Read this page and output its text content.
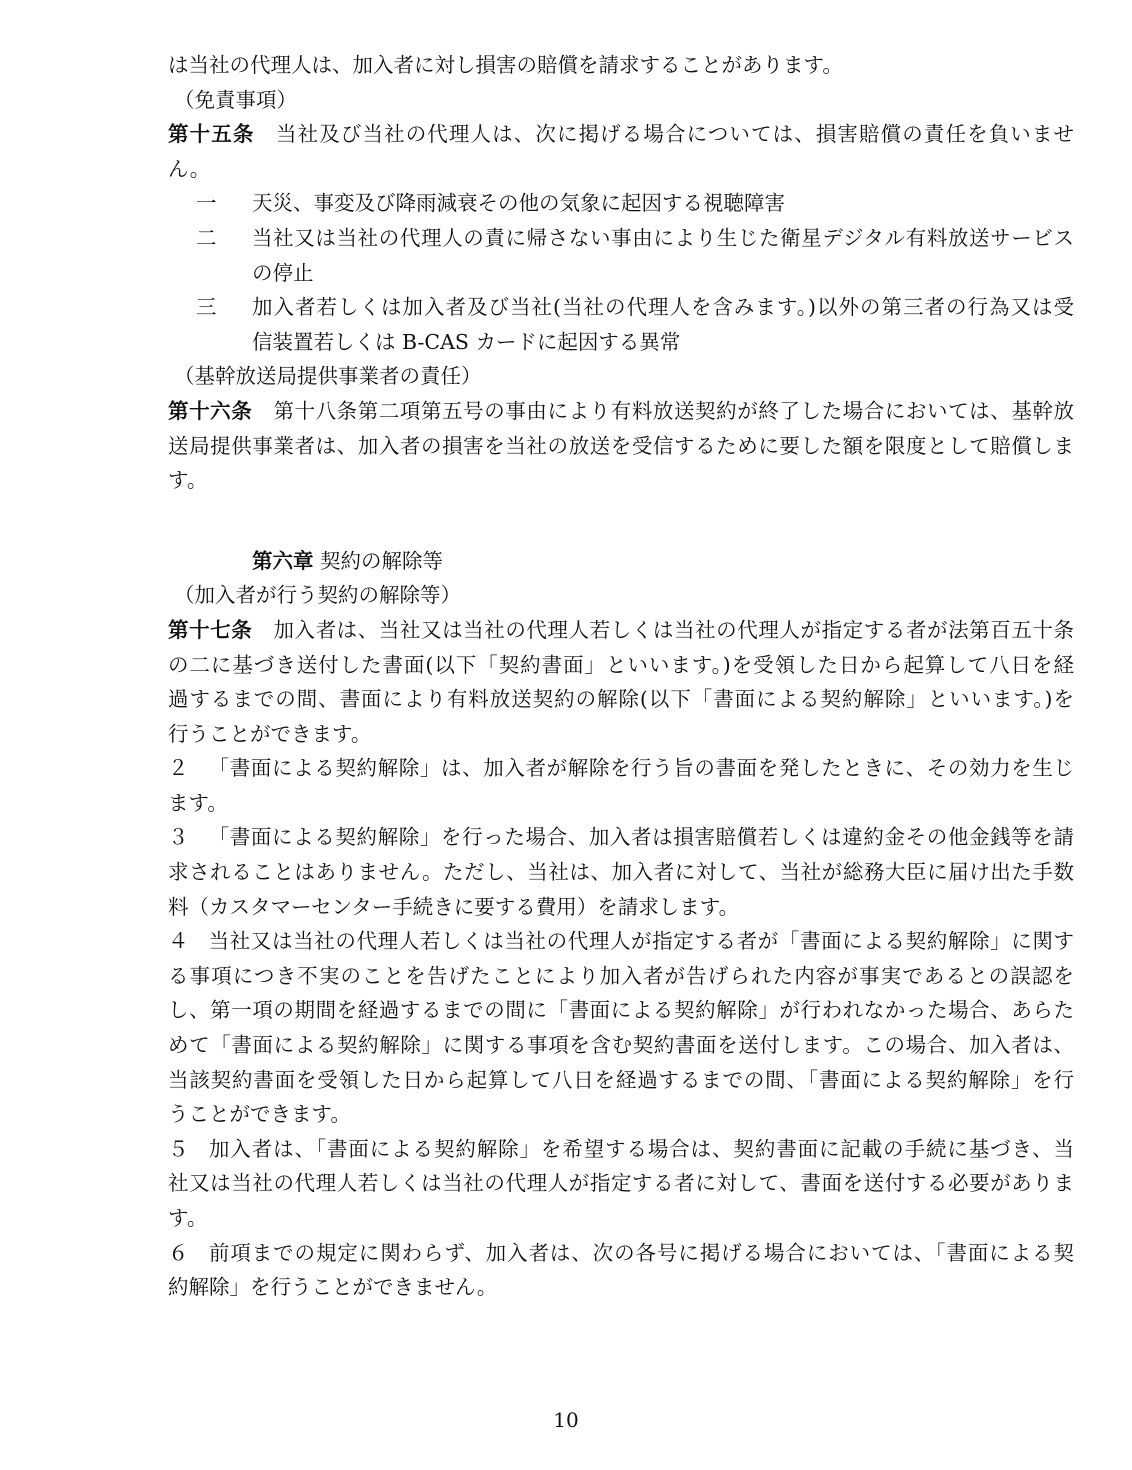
は当社の代理人は、加入者に対し損害の賠償を請求することがあります。
（免責事項）
第十五条　 当社及び当社の代理人は、次に掲げる場合については、損害賠償の責任を負いませ
ん。
一 天災、事変及び降雨減衰その他の気象に起因する視聴障害
二 当社又は当社の代理人の責に帰さない事由により生じた衛星デジタル有料放送サービス
の停止
三 加入者若しくは加入者及び当社(当社の代理人を含みます。)以外の第三者の行為又は受
信装置若しくは B-CAS カードに起因する異常
（基幹放送局提供事業者の責任）
第十六条　 第十八条第二項第五号の事由により有料放送契約が終了した場合においては、基幹放
送局提供事業者は、加入者の損害を当社の放送を受信するために要した額を限度として賠償しま
す。
第六章 契約の解除等
（加入者が行う契約の解除等）
第十七条　 加入者は、当社又は当社の代理人若しくは当社の代理人が指定する者が法第百五十条
の二に基づき送付した書面(以下「契約書面」といいます。)を受領した日から起算して八日を経
過するまでの間、書面により有料放送契約の解除(以下「書面による契約解除」といいます。)を
行うことができます。
２ 「書面による契約解除」は、加入者が解除を行う旨の書面を発したときに、その効力を生じ
ます。
３ 「書面による契約解除」を行った場合、加入者は損害賠償若しくは違約金その他金銭等を請
求されることはありません。ただし、当社は、加入者に対して、当社が総務大臣に届け出た手数
料（カスタマーセンター手続きに要する費用）を請求します。
４ 当社又は当社の代理人若しくは当社の代理人が指定する者が「書面による契約解除」に関す
る事項につき不実のことを告げたことにより加入者が告げられた内容が事実であるとの誤認を
し、第一項の期間を経過するまでの間に「書面による契約解除」が行われなかった場合、あらた
めて「書面による契約解除」に関する事項を含む契約書面を送付します。この場合、加入者は、
当該契約書面を受領した日から起算して八日を経過するまでの間、「書面による契約解除」を行
うことができます。
５ 加入者は、「書面による契約解除」を希望する場合は、契約書面に記載の手続に基づき、当
社又は当社の代理人若しくは当社の代理人が指定する者に対して、書面を送付する必要がありま
す。
６ 前項までの規定に関わらず、加入者は、次の各号に掲げる場合においては、「書面による契
約解除」を行うことができません。
10
